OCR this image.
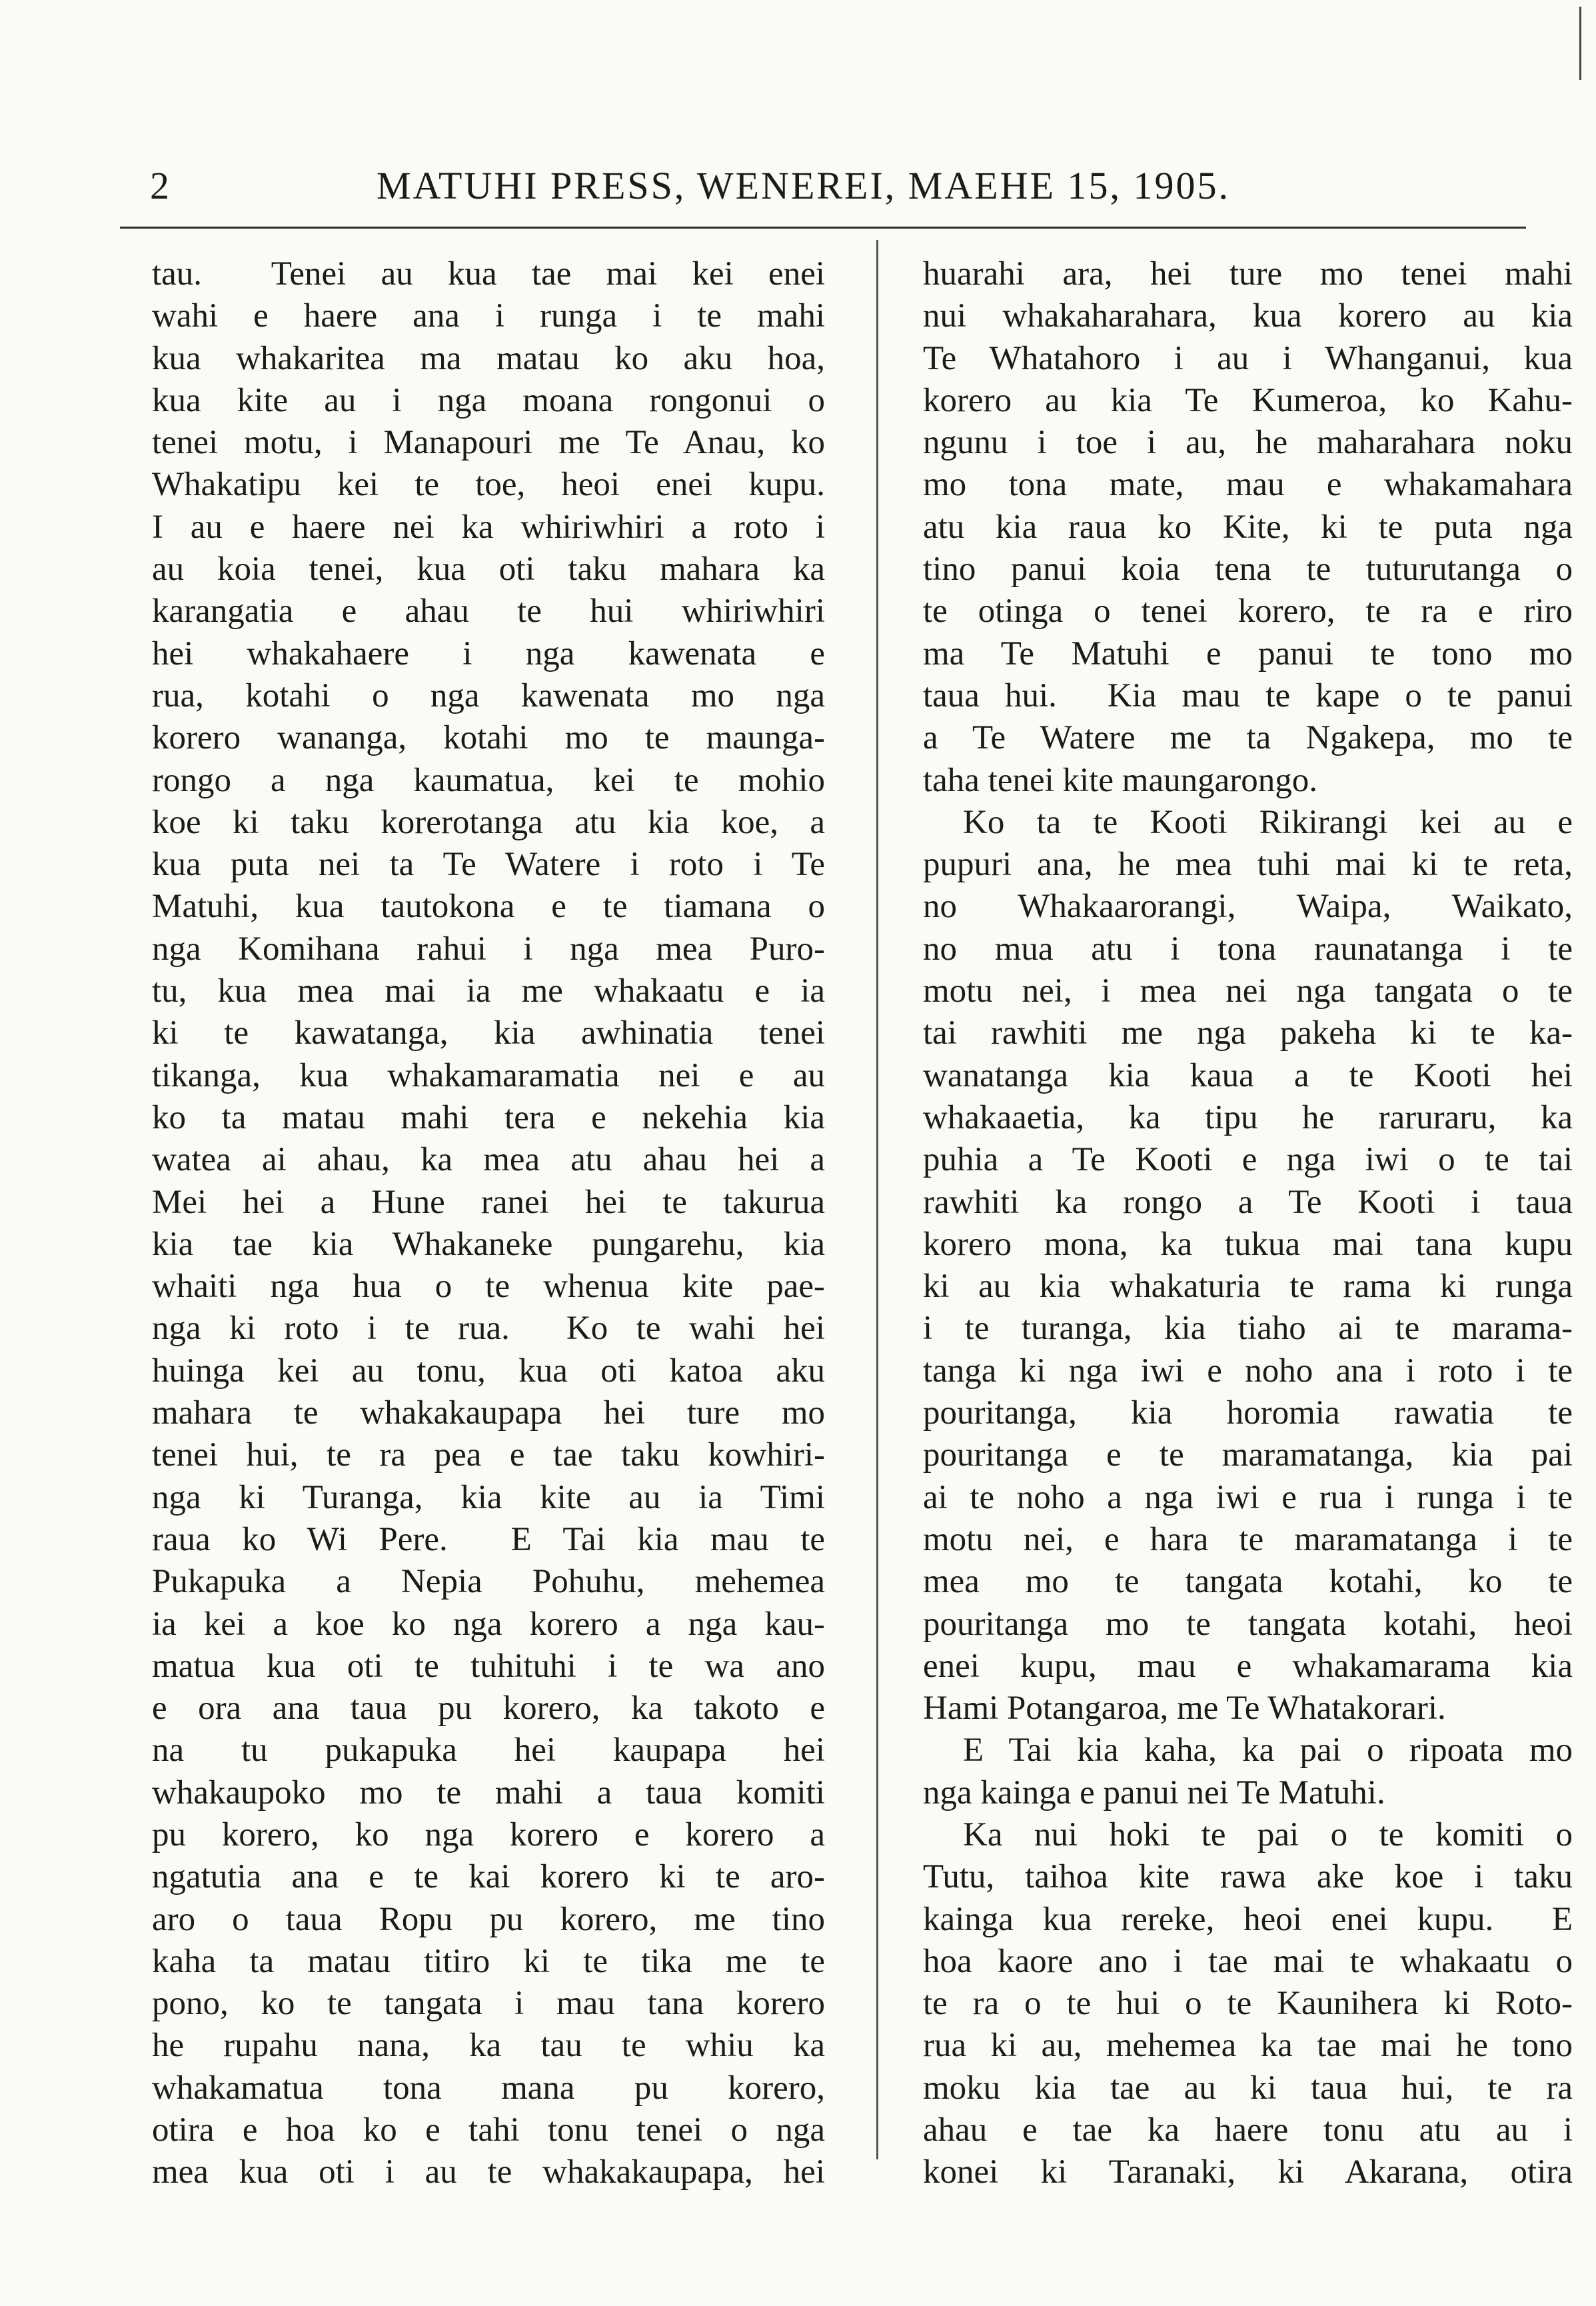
2	MATUHI PRESS, WENEREI, MAEHE 15, 1905.
tau.  Tenei au kua tae mai kei enei
wahi e haere ana i runga i te mahi
kua whakaritea ma matau ko aku hoa,
kua kite au i nga moana rongonui o
tenei motu, i Manapouri me Te Anau, ko
Whakatipu kei te toe, heoi enei kupu.
I au e haere nei ka whiriwhiri a roto i
au koia tenei, kua oti taku mahara ka
karangatia e ahau te hui whiriwhiri
hei whakahaere i nga kawenata e
rua, kotahi o nga kawenata mo nga
korero wananga, kotahi mo te maunga-
rongo a nga kaumatua, kei te mohio
koe ki taku korerotanga atu kia koe, a
kua puta nei ta Te Watere i roto i Te
Matuhi, kua tautokona e te tiamana o
nga Komihana rahui i nga mea Puro-
tu, kua mea mai ia me whakaatu e ia
ki te kawatanga, kia awhinatia tenei
tikanga, kua whakamaramatia nei e au
ko ta matau mahi tera e nekehia kia
watea ai ahau, ka mea atu ahau hei a
Mei hei a Hune ranei hei te takurua
kia tae kia Whakaneke pungarehu, kia
whaiti nga hua o te whenua kite pae-
nga ki roto i te rua.  Ko te wahi hei
huinga kei au tonu, kua oti katoa aku
mahara te whakakaupapa hei ture mo
tenei hui, te ra pea e tae taku kowhiri-
nga ki Turanga, kia kite au ia Timi
raua ko Wi Pere.  E Tai kia mau te
Pukapuka a Nepia Pohuhu, mehemea
ia kei a koe ko nga korero a nga kau-
matua kua oti te tuhituhi i te wa ano
e ora ana taua pu korero, ka takoto e
na tu pukapuka hei kaupapa hei
whakaupoko mo te mahi a taua komiti
pu korero, ko nga korero e korero a
ngatutia ana e te kai korero ki te aro-
aro o taua Ropu pu korero, me tino
kaha ta matau titiro ki te tika me te
pono, ko te tangata i mau tana korero
he rupahu nana, ka tau te whiu ka
whakamatua tona mana pu korero,
otira e hoa ko e tahi tonu tenei o nga
mea kua oti i au te whakakaupapa, hei
huarahi ara, hei ture mo tenei mahi
nui whakaharahara, kua korero au kia
Te Whatahoro i au i Whanganui, kua
korero au kia Te Kumeroa, ko Kahu-
ngunu i toe i au, he maharahara noku
mo tona mate, mau e whakamahara
atu kia raua ko Kite, ki te puta nga
tino panui koia tena te tuturutanga o
te otinga o tenei korero, te ra e riro
ma Te Matuhi e panui te tono mo
taua hui.  Kia mau te kape o te panui
a Te Watere me ta Ngakepa, mo te
taha tenei kite maungarongo.
Ko ta te Kooti Rikirangi kei au e
pupuri ana, he mea tuhi mai ki te reta,
no Whakaarorangi, Waipa, Waikato,
no mua atu i tona raunatanga i te
motu nei, i mea nei nga tangata o te
tai rawhiti me nga pakeha ki te ka-
wanatanga kia kaua a te Kooti hei
whakaaetia, ka tipu he raruraru, ka
puhia a Te Kooti e nga iwi o te tai
rawhiti ka rongo a Te Kooti i taua
korero mona, ka tukua mai tana kupu
ki au kia whakaturia te rama ki runga
i te turanga, kia tiaho ai te marama-
tanga ki nga iwi e noho ana i roto i te
pouritanga, kia horomia rawatia te
pouritanga e te maramatanga, kia pai
ai te noho a nga iwi e rua i runga i te
motu nei, e hara te maramatanga i te
mea mo te tangata kotahi, ko te
pouritanga mo te tangata kotahi, heoi
enei kupu, mau e whakamarama kia
Hami Potangaroa, me Te Whatakorari.
E Tai kia kaha, ka pai o ripoata mo
nga kainga e panui nei Te Matuhi.
Ka nui hoki te pai o te komiti o
Tutu, taihoa kite rawa ake koe i taku
kainga kua rereke, heoi enei kupu.  E
hoa kaore ano i tae mai te whakaatu o
te ra o te hui o te Kaunihera ki Roto-
rua ki au, mehemea ka tae mai he tono
moku kia tae au ki taua hui, te ra
ahau e tae ka haere tonu atu au i
konei ki Taranaki, ki Akarana, otira
